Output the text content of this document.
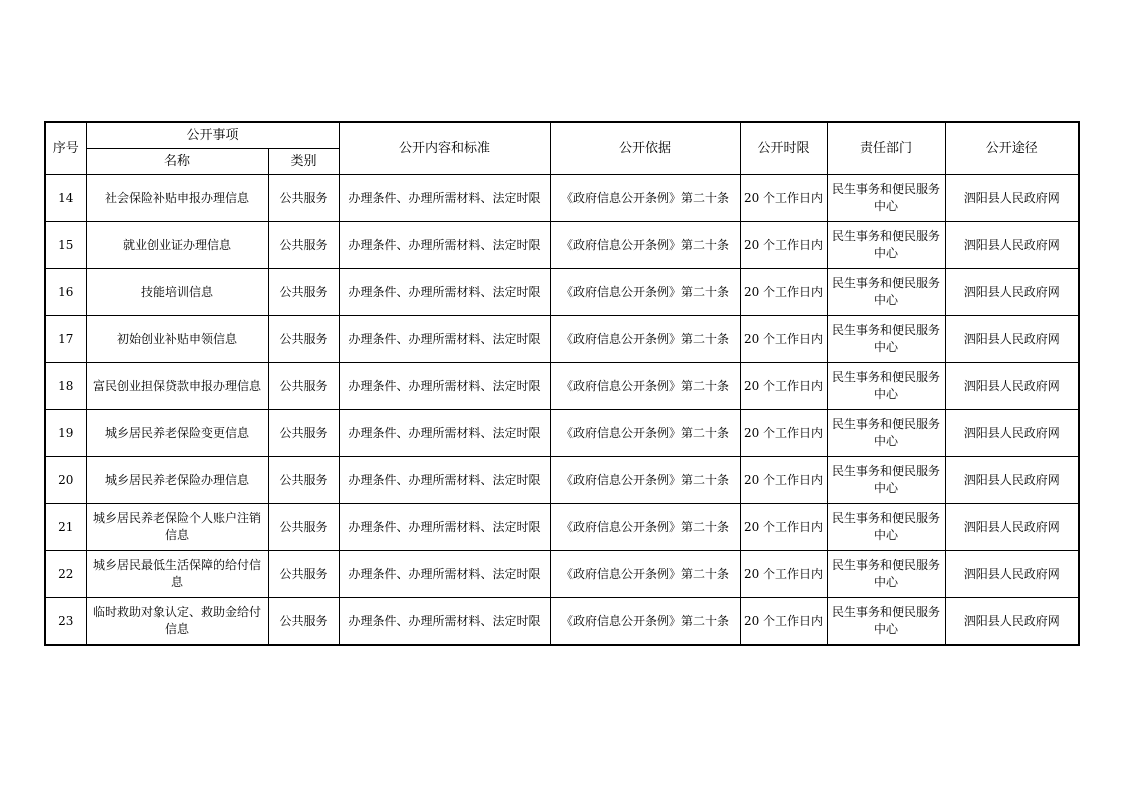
序号	公开事项		公开内容和标准	公开依据	公开时限	责任部门	公开途径
	名称	类别					
14	社会保险补贴申报办理信息	公共服务	办理条件、办理所需材料、法定时限	《政府信息公开条例》第二十条	20 个工作日内	民生事务和便民服务中心	泗阳县人民政府网
15	就业创业证办理信息	公共服务	办理条件、办理所需材料、法定时限	《政府信息公开条例》第二十条	20 个工作日内	民生事务和便民服务中心	泗阳县人民政府网
16	技能培训信息	公共服务	办理条件、办理所需材料、法定时限	《政府信息公开条例》第二十条	20 个工作日内	民生事务和便民服务中心	泗阳县人民政府网
17	初始创业补贴申领信息	公共服务	办理条件、办理所需材料、法定时限	《政府信息公开条例》第二十条	20 个工作日内	民生事务和便民服务中心	泗阳县人民政府网
18	富民创业担保贷款申报办理信息	公共服务	办理条件、办理所需材料、法定时限	《政府信息公开条例》第二十条	20 个工作日内	民生事务和便民服务中心	泗阳县人民政府网
19	城乡居民养老保险变更信息	公共服务	办理条件、办理所需材料、法定时限	《政府信息公开条例》第二十条	20 个工作日内	民生事务和便民服务中心	泗阳县人民政府网
20	城乡居民养老保险办理信息	公共服务	办理条件、办理所需材料、法定时限	《政府信息公开条例》第二十条	20 个工作日内	民生事务和便民服务中心	泗阳县人民政府网
21	城乡居民养老保险个人账户注销信息	公共服务	办理条件、办理所需材料、法定时限	《政府信息公开条例》第二十条	20 个工作日内	民生事务和便民服务中心	泗阳县人民政府网
22	城乡居民最低生活保障的给付信息	公共服务	办理条件、办理所需材料、法定时限	《政府信息公开条例》第二十条	20 个工作日内	民生事务和便民服务中心	泗阳县人民政府网
23	临时救助对象认定、救助金给付信息	公共服务	办理条件、办理所需材料、法定时限	《政府信息公开条例》第二十条	20 个工作日内	民生事务和便民服务中心	泗阳县人民政府网
